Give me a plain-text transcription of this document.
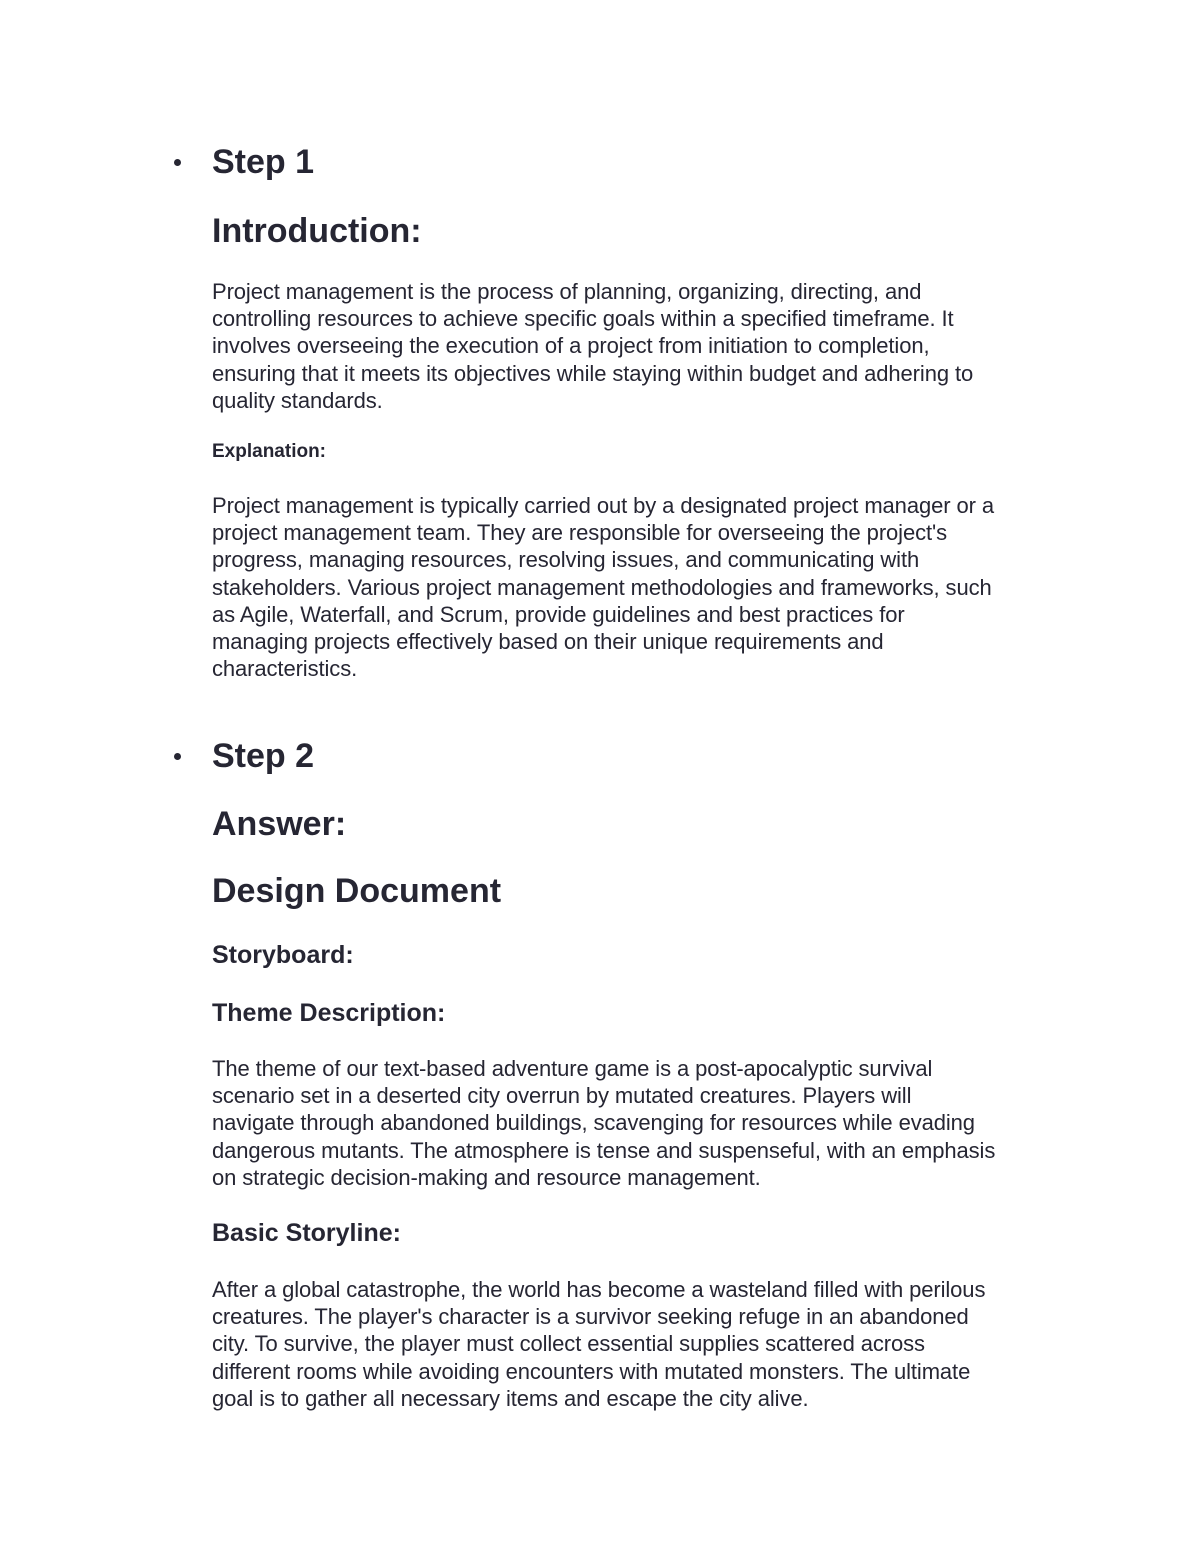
Step 1
Introduction:

Project management is the process of planning, organizing, directing, and

controlling resources to achieve specific goals within a specified timeframe. It

involves overseeing the execution of a project from initiation to completion,

ensuring that it meets its objectives while staying within budget and adhering to

quality standards.

Explanation:

Project management is typically carried out by a designated project manager or a

project management team. They are responsible for overseeing the project's

progress, managing resources, resolving issues, and communicating with

stakeholders. Various project management methodologies and frameworks, such

as Agile, Waterfall, and Scrum, provide guidelines and best practices for

managing projects effectively based on their unique requirements and

characteristics.

Step 2
Answer:
Design Document
Storyboard:
Theme Description:

The theme of our text-based adventure game is a post-apocalyptic survival

scenario set in a deserted city overrun by mutated creatures. Players will

navigate through abandoned buildings, scavenging for resources while evading

dangerous mutants. The atmosphere is tense and suspenseful, with an emphasis

on strategic decision-making and resource management.

Basic Storyline:

After a global catastrophe, the world has become a wasteland filled with perilous

creatures. The player's character is a survivor seeking refuge in an abandoned

city. To survive, the player must collect essential supplies scattered across

different rooms while avoiding encounters with mutated monsters. The ultimate

goal is to gather all necessary items and escape the city alive.
